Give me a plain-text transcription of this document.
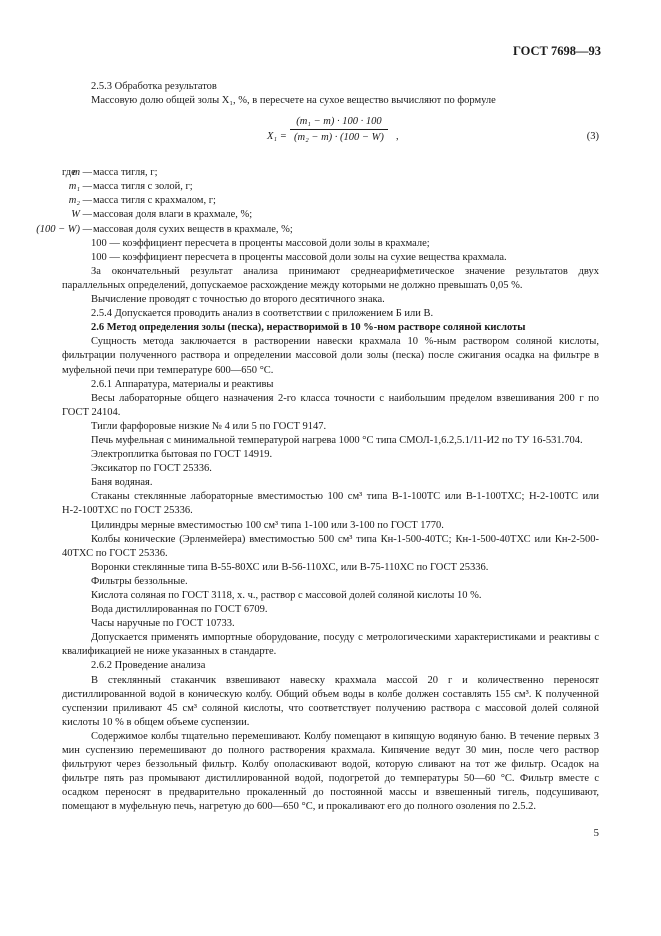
ГОСТ 7698—93

2.5.3 Обработка результатов

Массовую долю общей золы X₁, %, в пересчете на сухое вещество вычисляют по формуле

$X_1 = \frac{\text{(m₁ − m) · 100 · 100}}{\text{(m₂ − m) · (100 − W)}}$ ,	(3)
где
m — масса тигля, г;
m₁ — масса тигля с золой, г;
m₂ — масса тигля с крахмалом, г;
W — массовая доля влаги в крахмале, %;
(100 − W) — массовая доля сухих веществ в крахмале, %;
100 — коэффициент пересчета в проценты массовой доли золы в крахмале;
100 — коэффициент пересчета в проценты массовой доли золы на сухие вещества крахмала.

За окончательный результат анализа принимают среднеарифметическое значение результатов двух параллельных определений, допускаемое расхождение между которыми не должно превышать 0,05 %.

Вычисление проводят с точностью до второго десятичного знака.

2.5.4 Допускается проводить анализ в соответствии с приложением Б или В.

2.6 Метод определения золы (песка), нерастворимой в 10 %-ном растворе соляной кислоты

Сущность метода заключается в растворении навески крахмала 10 %-ным раствором соляной кислоты, фильтрации полученного раствора и определении массовой доли золы (песка) после сжигания осадка на фильтре в муфельной печи при температуре 600—650 °С.

2.6.1 Аппаратура, материалы и реактивы

Весы лабораторные общего назначения 2-го класса точности с наибольшим пределом взвешивания 200 г по ГОСТ 24104.

Тигли фарфоровые низкие № 4 или 5 по ГОСТ 9147.

Печь муфельная с минимальной температурой нагрева 1000 °С типа СМОЛ-1,6.2,5.1/11-И2 по ТУ 16-531.704.

Электроплитка бытовая по ГОСТ 14919.

Эксикатор по ГОСТ 25336.

Баня водяная.

Стаканы стеклянные лабораторные вместимостью 100 см³ типа В-1-100ТС или В-1-100ТХС; Н-2-100ТС или Н-2-100ТХС по ГОСТ 25336.

Цилиндры мерные вместимостью 100 см³ типа 1-100 или 3-100 по ГОСТ 1770.

Колбы конические (Эрленмейера) вместимостью 500 см³ типа Кн-1-500-40ТС; Кн-1-500-40ТХС или Кн-2-500-40ТХС по ГОСТ 25336.

Воронки стеклянные типа В-55-80ХС или В-56-110ХС, или В-75-110ХС по ГОСТ 25336.

Фильтры беззольные.

Кислота соляная по ГОСТ 3118, х. ч., раствор с массовой долей соляной кислоты 10 %.

Вода дистиллированная по ГОСТ 6709.

Часы наручные по ГОСТ 10733.

Допускается применять импортные оборудование, посуду с метрологическими характеристиками и реактивы с квалификацией не ниже указанных в стандарте.

2.6.2 Проведение анализа

В стеклянный стаканчик взвешивают навеску крахмала массой 20 г и количественно переносят дистиллированной водой в коническую колбу. Общий объем воды в колбе должен составлять 155 см³. К полученной суспензии приливают 45 см³ соляной кислоты, что соответствует получению раствора с массовой долей соляной кислоты 10 % в общем объеме суспензии.

Содержимое колбы тщательно перемешивают. Колбу помещают в кипящую водяную баню. В течение первых 3 мин суспензию перемешивают до полного растворения крахмала. Кипячение ведут 30 мин, после чего раствор фильтруют через беззольный фильтр. Колбу ополаскивают водой, которую сливают на тот же фильтр. Осадок на фильтре пять раз промывают дистиллированной водой, подогретой до температуры 50—60 °С. Фильтр вместе с осадком переносят в предварительно прокаленный до постоянной массы и взвешенный тигель, подсушивают, помещают в муфельную печь, нагретую до 600—650 °С, и прокаливают его до полного озоления по 2.5.2.

5
